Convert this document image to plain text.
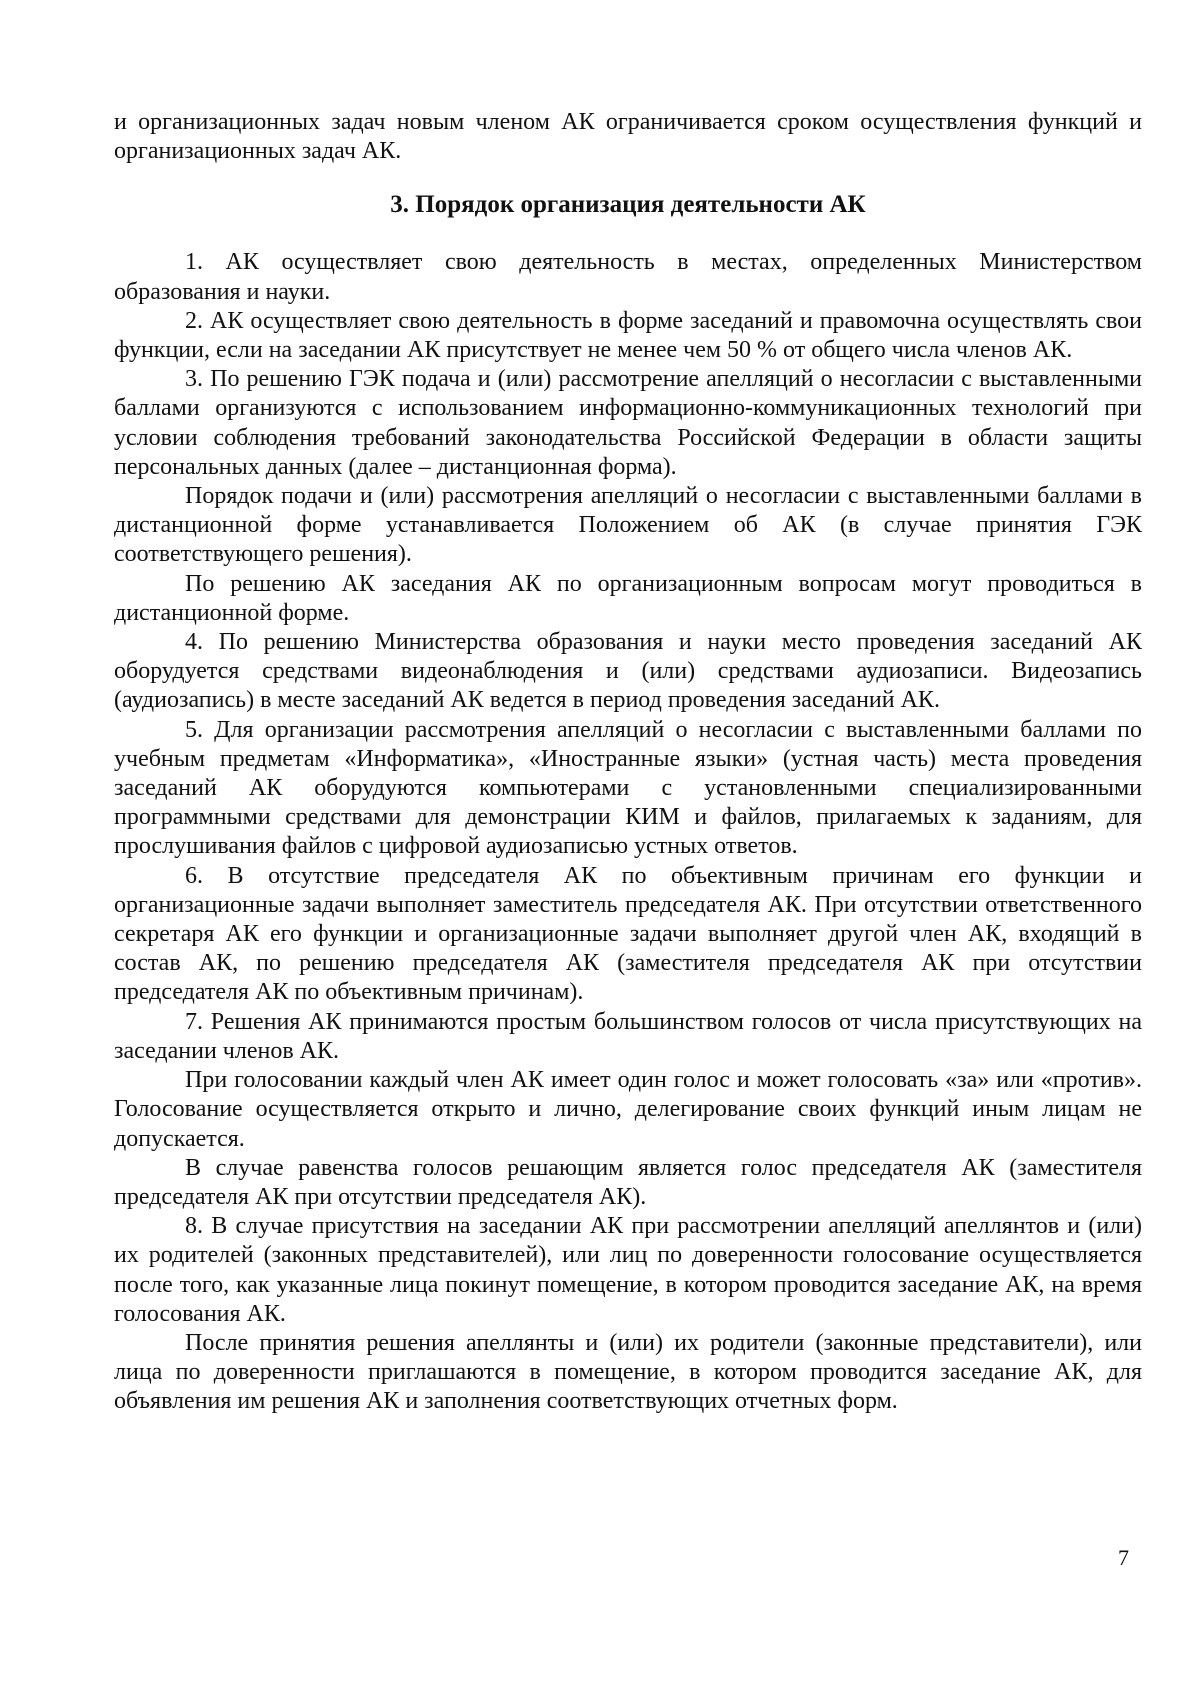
и организационных задач новым членом АК ограничивается сроком осуществления функций и организационных задач АК.

3. Порядок организация деятельности АК

1. АК осуществляет свою деятельность в местах, определенных Министерством образования и науки.

2. АК осуществляет свою деятельность в форме заседаний и правомочна осуществлять свои функции, если на заседании АК присутствует не менее чем 50 % от общего числа членов АК.

3. По решению ГЭК подача и (или) рассмотрение апелляций о несогласии с выставленными баллами организуются с использованием информационно-коммуникационных технологий при условии соблюдения требований законодательства Российской Федерации в области защиты персональных данных (далее – дистанционная форма).

Порядок подачи и (или) рассмотрения апелляций о несогласии с выставленными баллами в дистанционной форме устанавливается Положением об АК (в случае принятия ГЭК соответствующего решения).

По решению АК заседания АК по организационным вопросам могут проводиться в дистанционной форме.

4. По решению Министерства образования и науки место проведения заседаний АК оборудуется средствами видеонаблюдения и (или) средствами аудиозаписи. Видеозапись (аудиозапись) в месте заседаний АК ведется в период проведения заседаний АК.

5. Для организации рассмотрения апелляций о несогласии с выставленными баллами по учебным предметам «Информатика», «Иностранные языки» (устная часть) места проведения заседаний АК оборудуются компьютерами с установленными специализированными программными средствами для демонстрации КИМ и файлов, прилагаемых к заданиям, для прослушивания файлов с цифровой аудиозаписью устных ответов.

6. В отсутствие председателя АК по объективным причинам его функции и организационные задачи выполняет заместитель председателя АК. При отсутствии ответственного секретаря АК его функции и организационные задачи выполняет другой член АК, входящий в состав АК, по решению председателя АК (заместителя председателя АК при отсутствии председателя АК по объективным причинам).

7. Решения АК принимаются простым большинством голосов от числа присутствующих на заседании членов АК.

При голосовании каждый член АК имеет один голос и может голосовать «за» или «против». Голосование осуществляется открыто и лично, делегирование своих функций иным лицам не допускается.

В случае равенства голосов решающим является голос председателя АК (заместителя председателя АК при отсутствии председателя АК).

8. В случае присутствия на заседании АК при рассмотрении апелляций апеллянтов и (или) их родителей (законных представителей), или лиц по доверенности голосование осуществляется после того, как указанные лица покинут помещение, в котором проводится заседание АК, на время голосования АК.

После принятия решения апеллянты и (или) их родители (законные представители), или лица по доверенности приглашаются в помещение, в котором проводится заседание АК, для объявления им решения АК и заполнения соответствующих отчетных форм.

7
